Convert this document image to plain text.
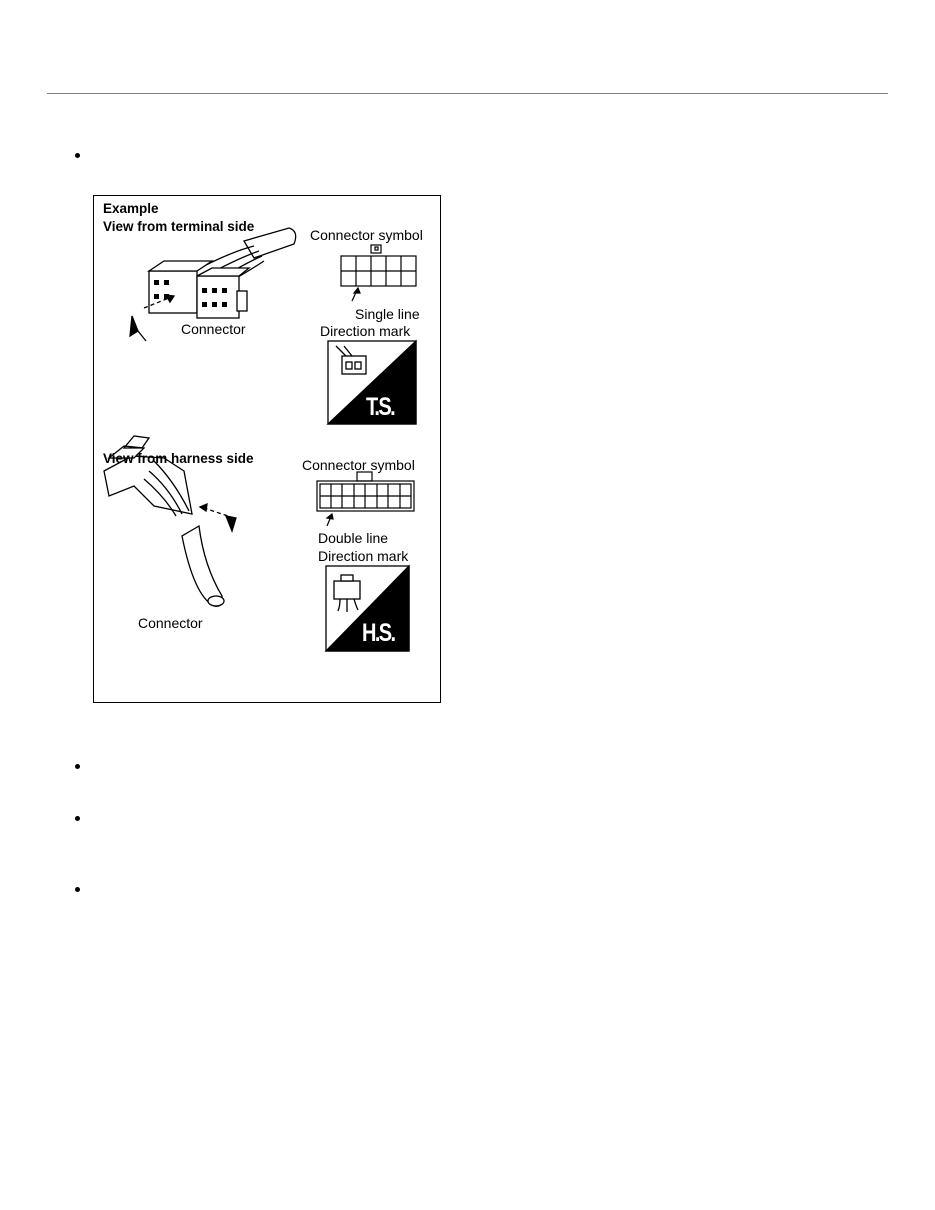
Example
View from terminal side
Connector symbol
Connector
Single line
Direction mark
T.S.
View from harness side	Connector symbol
Double line
Direction mark
Connector	H.S.
